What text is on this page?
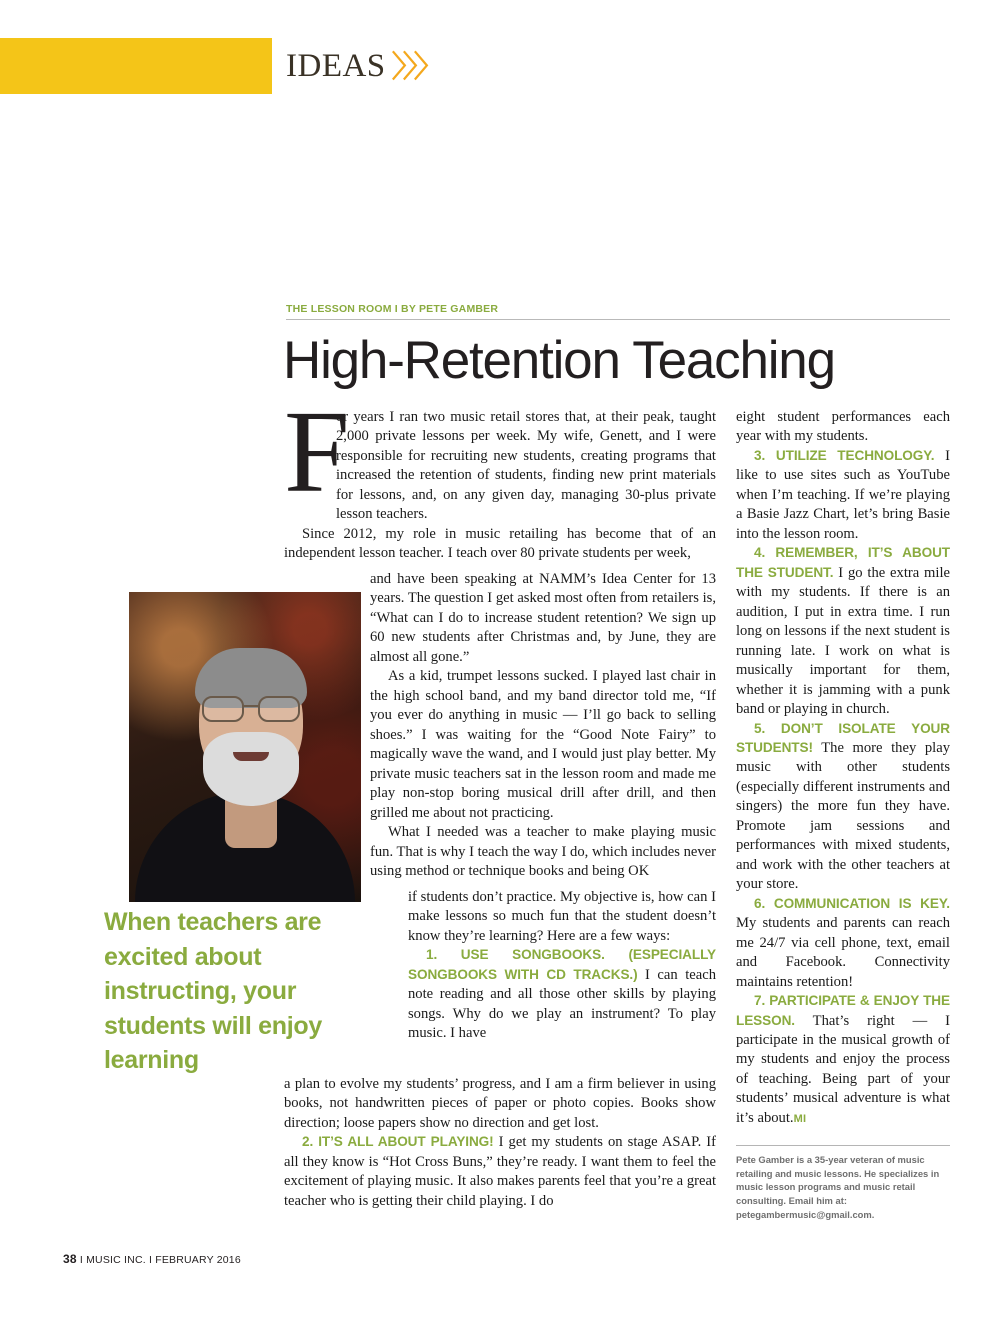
IDEAS 〉〉〉
THE LESSON ROOM I BY PETE GAMBER
High-Retention Teaching
When teachers are excited about instructing, your students will enjoy learning
F

or years I ran two music retail stores that, at their peak, taught 2,000 private lessons per week. My wife, Genett, and I were responsible for recruiting new students, creating programs that increased the retention of students, finding new print materials for lessons, and, on any given day, managing 30-plus private lesson teachers.

Since 2012, my role in music retailing has become that of an independent lesson teacher. I teach over 80 private students per week,

and have been speaking at NAMM’s Idea Center for 13 years. The question I get asked most often from retailers is, “What can I do to increase student retention? We sign up 60 new students after Christmas and, by June, they are almost all gone.”

As a kid, trumpet lessons sucked. I played last chair in the high school band, and my band director told me, “If you ever do anything in music — I’ll go back to selling shoes.” I was waiting for the “Good Note Fairy” to magically wave the wand, and I would just play better. My private music teachers sat in the lesson room and made me play non-stop boring musical drill after drill, and then grilled me about not practicing.

What I needed was a teacher to make playing music fun. That is why I teach the way I do, which includes never using method or technique books and being OK

if students don’t practice. My objective is, how can I make lessons so much fun that the student doesn’t know they’re learning? Here are a few ways:

1. USE SONGBOOKS. (ESPECIALLY SONGBOOKS WITH CD TRACKS.) I can teach note reading and all those other skills by playing songs. Why do we play an instrument? To play music. I have

a plan to evolve my students’ progress, and I am a firm believer in using books, not handwritten pieces of paper or photo copies. Books show direction; loose papers show no direction and get lost.

2. IT’S ALL ABOUT PLAYING! I get my students on stage ASAP. If all they know is “Hot Cross Buns,” they’re ready. I want them to feel the excitement of playing music. It also makes parents feel that you’re a great teacher who is getting their child playing. I do

eight student performances each year with my students.

3. UTILIZE TECHNOLOGY. I like to use sites such as YouTube when I’m teaching. If we’re playing a Basie Jazz Chart, let’s bring Basie into the lesson room.

4. REMEMBER, IT’S ABOUT THE STUDENT. I go the extra mile with my students. If there is an audition, I put in extra time. I run long on lessons if the next student is running late. I work on what is musically important for them, whether it is jamming with a punk band or playing in church.

5. DON’T ISOLATE YOUR STUDENTS! The more they play music with other students (especially different instruments and singers) the more fun they have. Promote jam sessions and performances with mixed students, and work with the other teachers at your store.

6. COMMUNICATION IS KEY. My students and parents can reach me 24/7 via cell phone, text, email and Facebook. Connectivity maintains retention!

7. PARTICIPATE & ENJOY THE LESSON. That’s right — I participate in the musical growth of my students and enjoy the process of teaching. Being part of your students’ musical adventure is what it’s about.MI

Pete Gamber is a 35-year veteran of music retailing and music lessons. He specializes in music lesson programs and music retail consulting. Email him at: petegambermusic@gmail.com.
38 I MUSIC INC. I FEBRUARY 2016
